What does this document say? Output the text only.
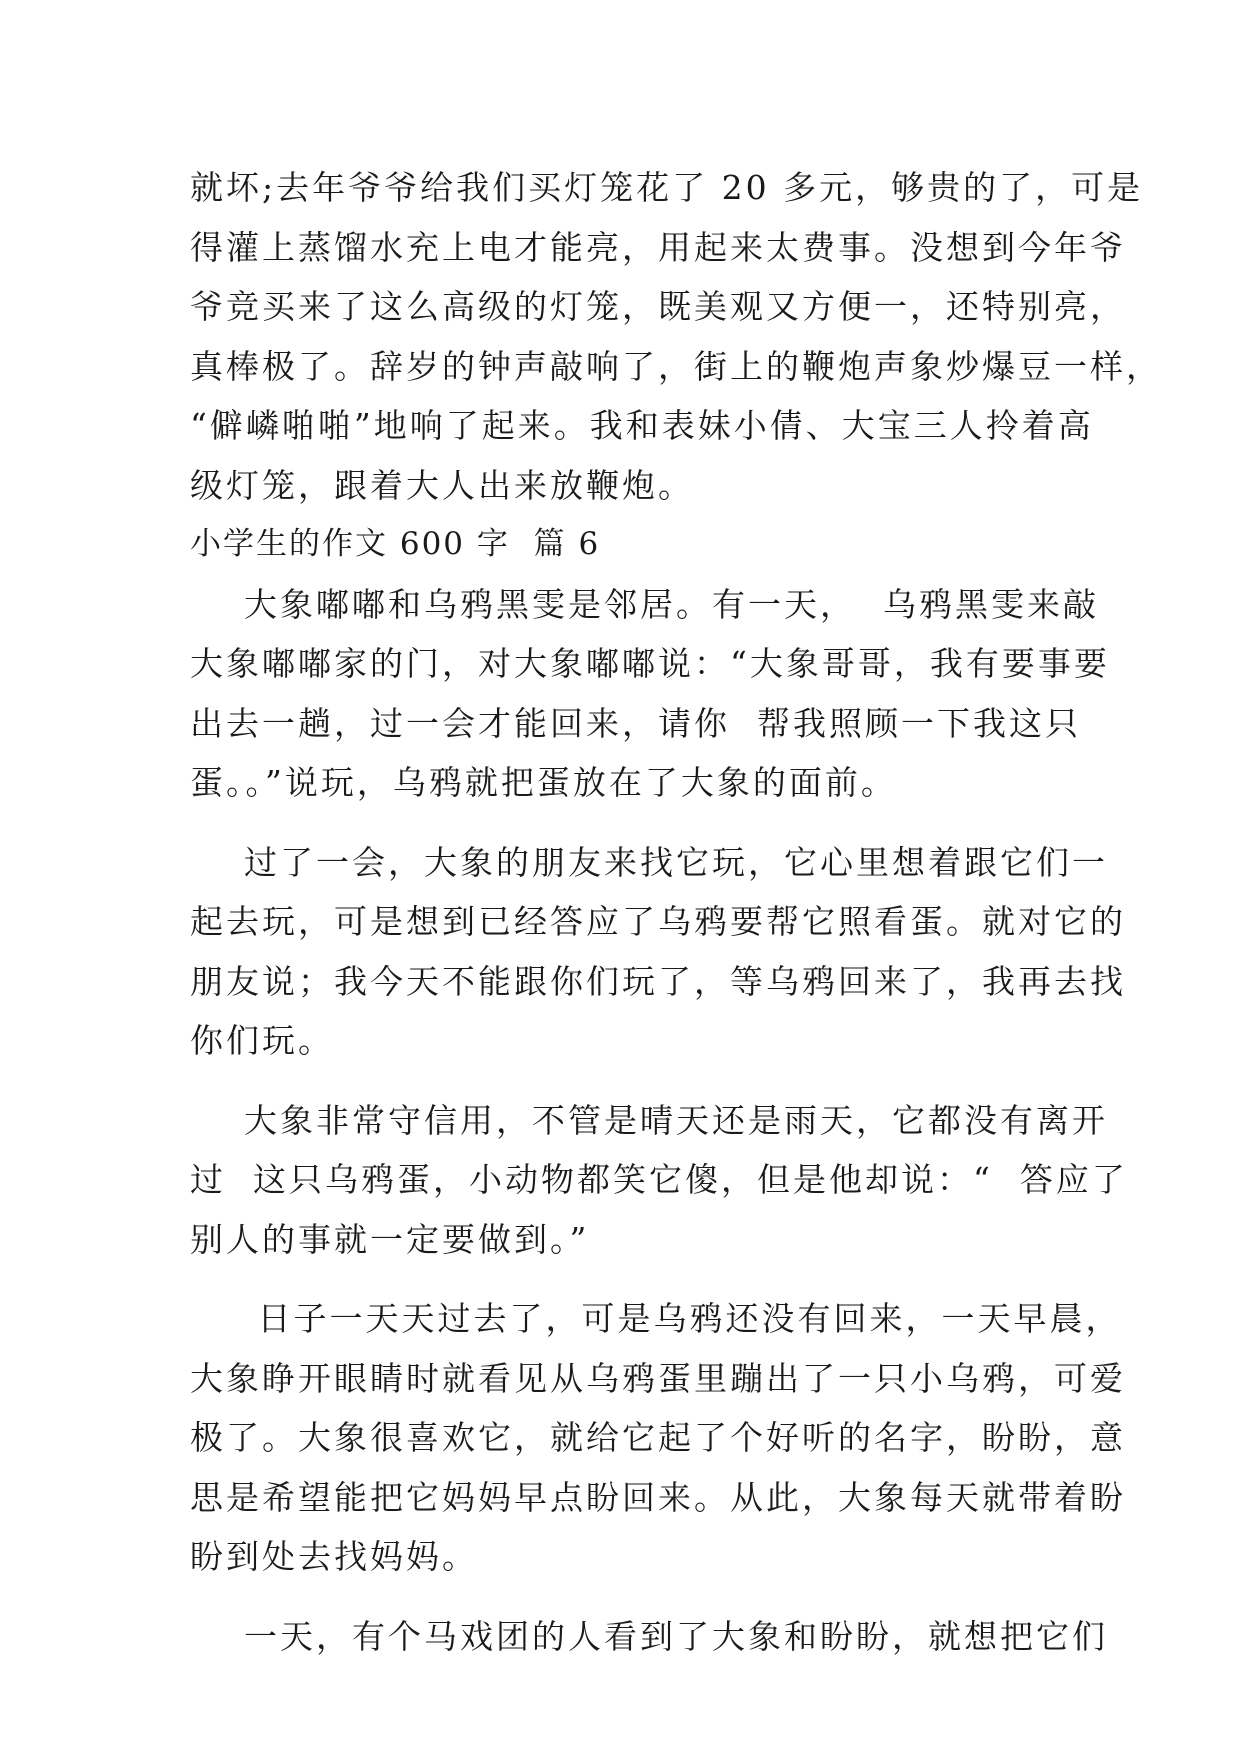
就坏;去年爷爷给我们买灯笼花了 20 多元，够贵的了，可是
得灌上蒸馏水充上电才能亮，用起来太费事。没想到今年爷
爷竞买来了这么高级的灯笼，既美观又方便一，还特别亮，
真棒极了。辞岁的钟声敲响了，街上的鞭炮声象炒爆豆一样，
“僻嶙啪啪”地响了起来。我和表妹小倩、大宝三人拎着高
级灯笼，跟着大人出来放鞭炮。
小学生的作文 600 字  篇 6
大象嘟嘟和乌鸦黑雯是邻居。有一天，  乌鸦黑雯来敲
大象嘟嘟家的门，对大象嘟嘟说：“大象哥哥，我有要事要
出去一趟，过一会才能回来，请你  帮我照顾一下我这只
蛋。。”说玩，乌鸦就把蛋放在了大象的面前。
过了一会，大象的朋友来找它玩，它心里想着跟它们一
起去玩，可是想到已经答应了乌鸦要帮它照看蛋。就对它的
朋友说；我今天不能跟你们玩了，等乌鸦回来了，我再去找
你们玩。
大象非常守信用，不管是晴天还是雨天，它都没有离开
过  这只乌鸦蛋，小动物都笑它傻，但是他却说：“  答应了
别人的事就一定要做到。”
日子一天天过去了，可是乌鸦还没有回来，一天早晨，
大象睁开眼睛时就看见从乌鸦蛋里蹦出了一只小乌鸦，可爱
极了。大象很喜欢它，就给它起了个好听的名字，盼盼，意
思是希望能把它妈妈早点盼回来。从此，大象每天就带着盼
盼到处去找妈妈。
一天，有个马戏团的人看到了大象和盼盼，就想把它们
